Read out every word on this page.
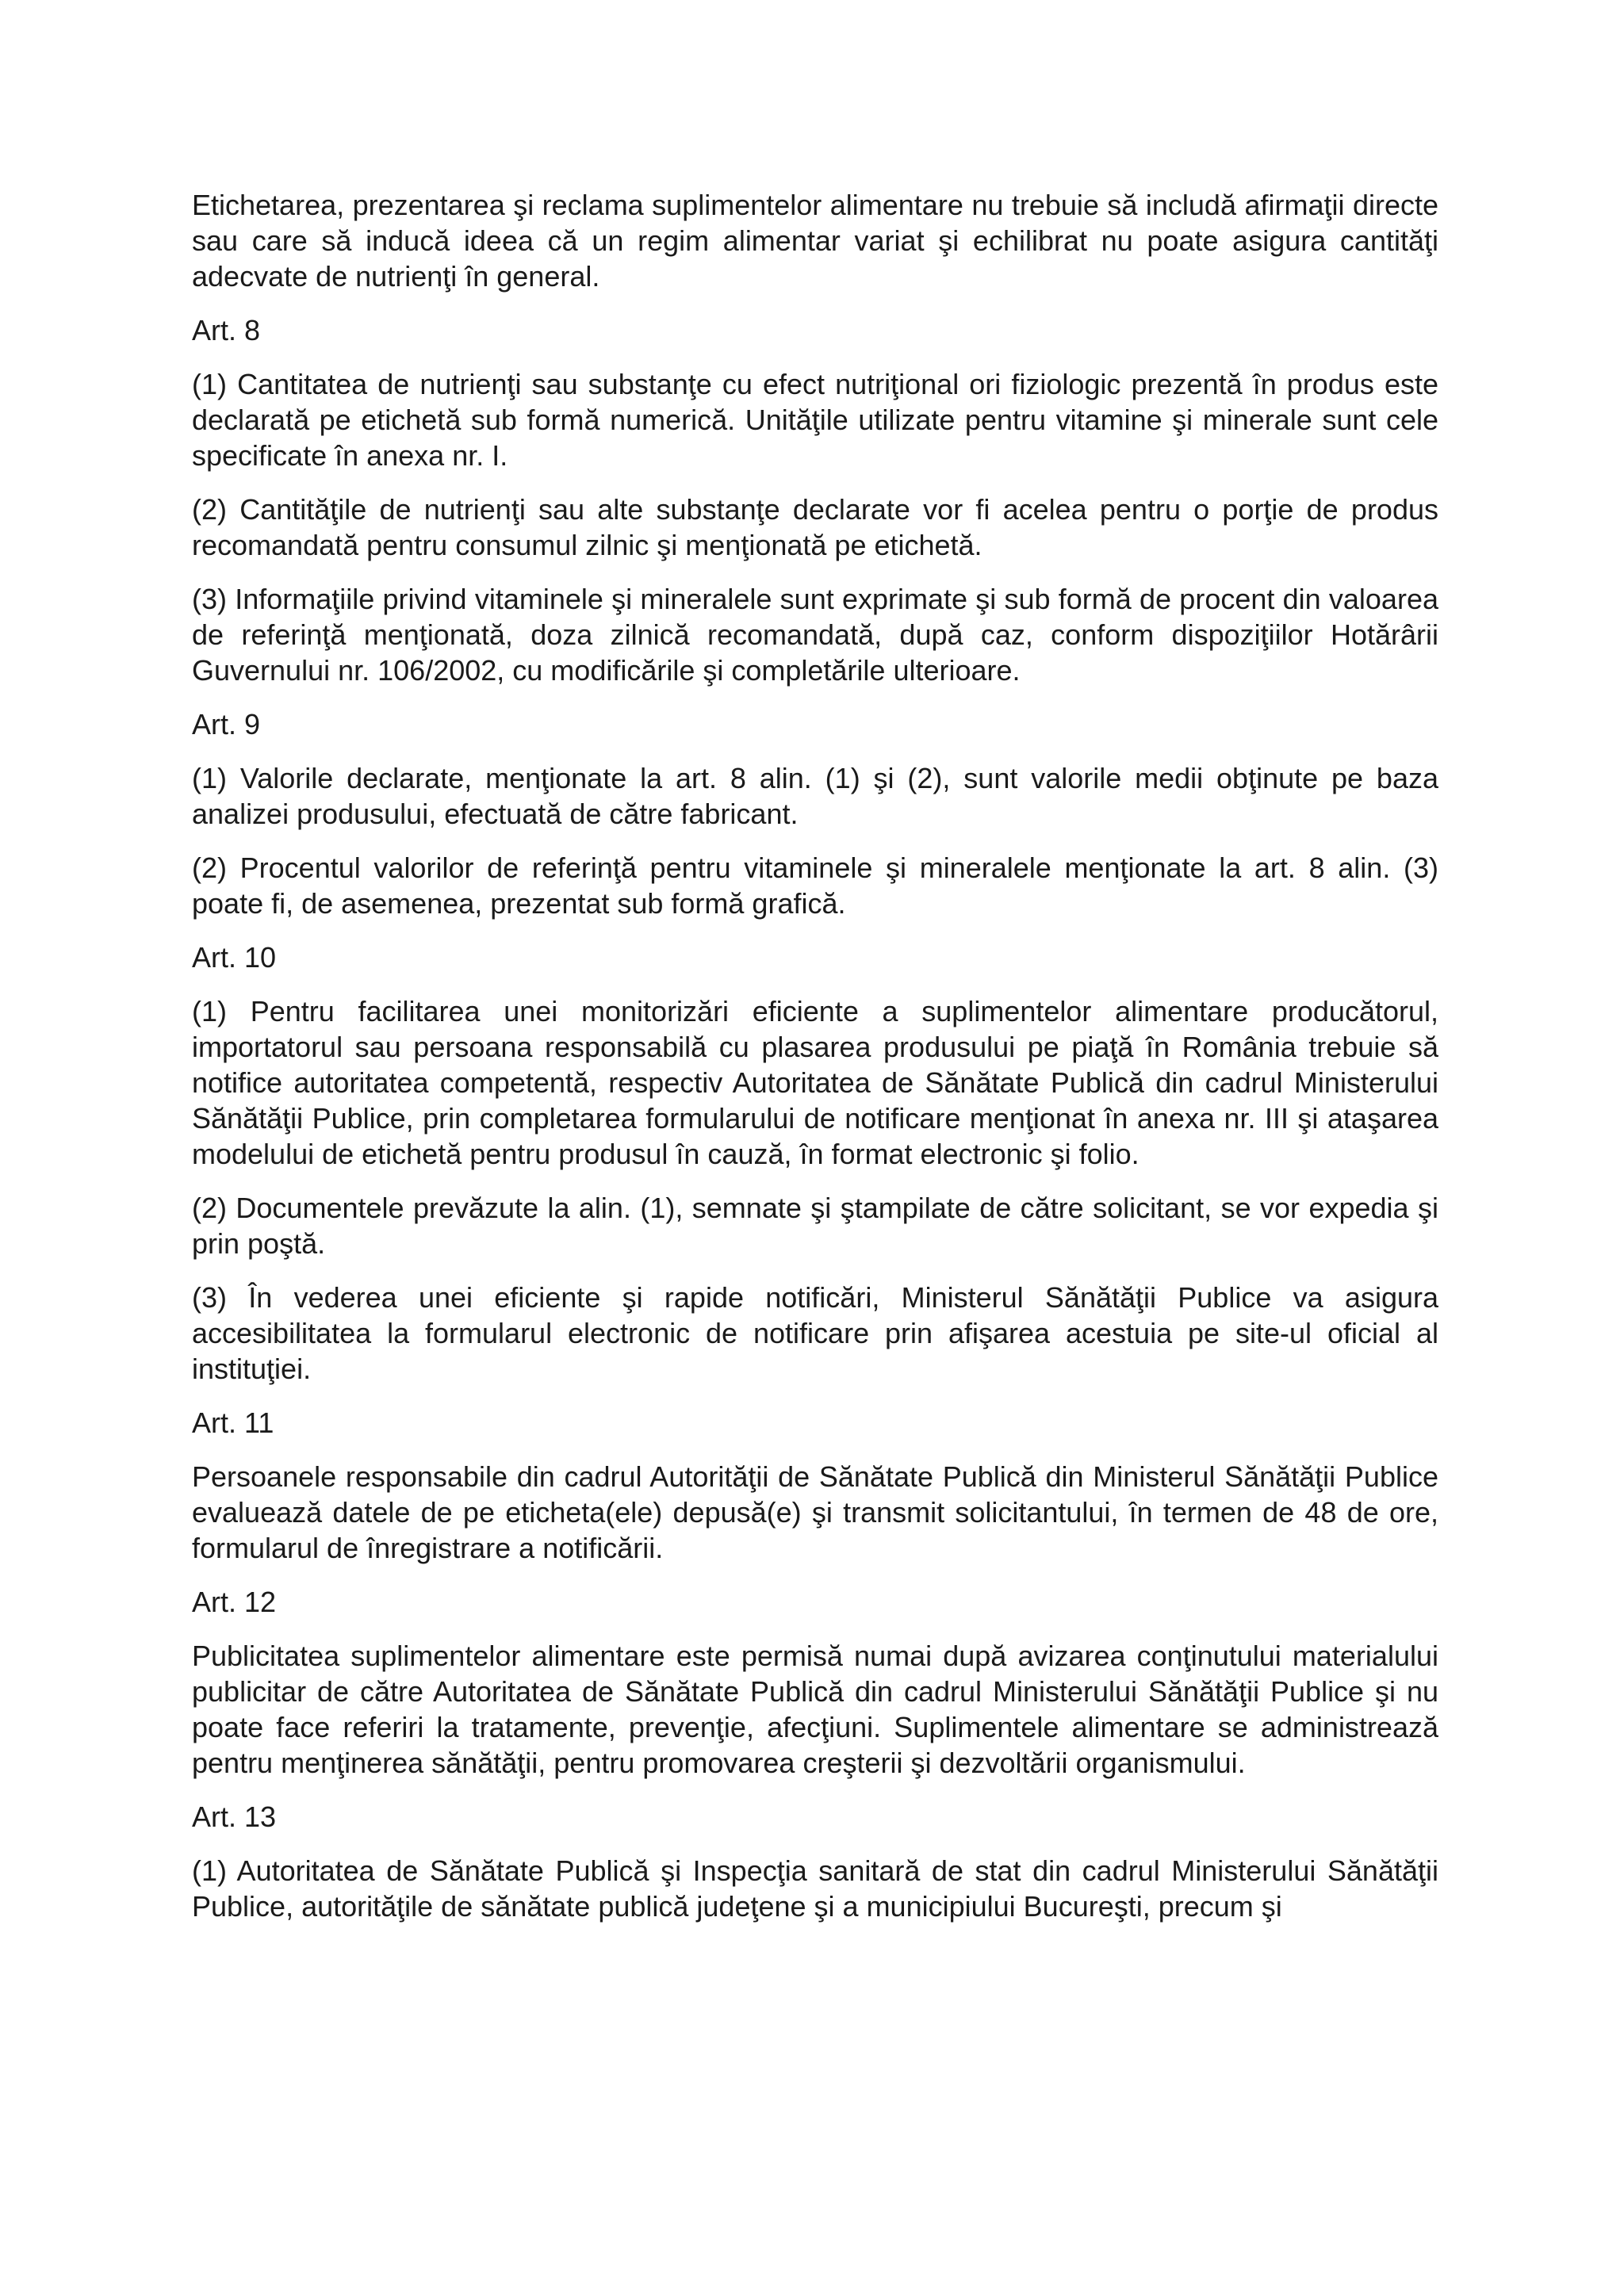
Etichetarea, prezentarea şi reclama suplimentelor alimentare nu trebuie să includă afirmaţii directe sau care să inducă ideea că un regim alimentar variat şi echilibrat nu poate asigura cantităţi adecvate de nutrienţi în general.

Art. 8

(1) Cantitatea de nutrienţi sau substanţe cu efect nutriţional ori fiziologic prezentă în produs este declarată pe etichetă sub formă numerică. Unităţile utilizate pentru vitamine şi minerale sunt cele specificate în anexa nr. I.

(2) Cantităţile de nutrienţi sau alte substanţe declarate vor fi acelea pentru o porţie de produs recomandată pentru consumul zilnic şi menţionată pe etichetă.

(3) Informaţiile privind vitaminele şi mineralele sunt exprimate şi sub formă de procent din valoarea de referinţă menţionată, doza zilnică recomandată, după caz, conform dispoziţiilor Hotărârii Guvernului nr. 106/2002, cu modificările şi completările ulterioare.

Art. 9

(1) Valorile declarate, menţionate la art. 8 alin. (1) şi (2), sunt valorile medii obţinute pe baza analizei produsului, efectuată de către fabricant.

(2) Procentul valorilor de referinţă pentru vitaminele şi mineralele menţionate la art. 8 alin. (3) poate fi, de asemenea, prezentat sub formă grafică.

Art. 10

(1) Pentru facilitarea unei monitorizări eficiente a suplimentelor alimentare producătorul, importatorul sau persoana responsabilă cu plasarea produsului pe piaţă în România trebuie să notifice autoritatea competentă, respectiv Autoritatea de Sănătate Publică din cadrul Ministerului Sănătăţii Publice, prin completarea formularului de notificare menţionat în anexa nr. III şi ataşarea modelului de etichetă pentru produsul în cauză, în format electronic şi folio.

(2) Documentele prevăzute la alin. (1), semnate şi ştampilate de către solicitant, se vor expedia şi prin poştă.

(3) În vederea unei eficiente şi rapide notificări, Ministerul Sănătăţii Publice va asigura accesibilitatea la formularul electronic de notificare prin afişarea acestuia pe site-ul oficial al instituţiei.

Art. 11

Persoanele responsabile din cadrul Autorităţii de Sănătate Publică din Ministerul Sănătăţii Publice evaluează datele de pe eticheta(ele) depusă(e) şi transmit solicitantului, în termen de 48 de ore, formularul de înregistrare a notificării.

Art. 12

Publicitatea suplimentelor alimentare este permisă numai după avizarea conţinutului materialului publicitar de către Autoritatea de Sănătate Publică din cadrul Ministerului Sănătăţii Publice şi nu poate face referiri la tratamente, prevenţie, afecţiuni. Suplimentele alimentare se administrează pentru menţinerea sănătăţii, pentru promovarea creşterii şi dezvoltării organismului.

Art. 13

(1) Autoritatea de Sănătate Publică şi Inspecţia sanitară de stat din cadrul Ministerului Sănătăţii Publice, autorităţile de sănătate publică judeţene şi a municipiului Bucureşti, precum şi
